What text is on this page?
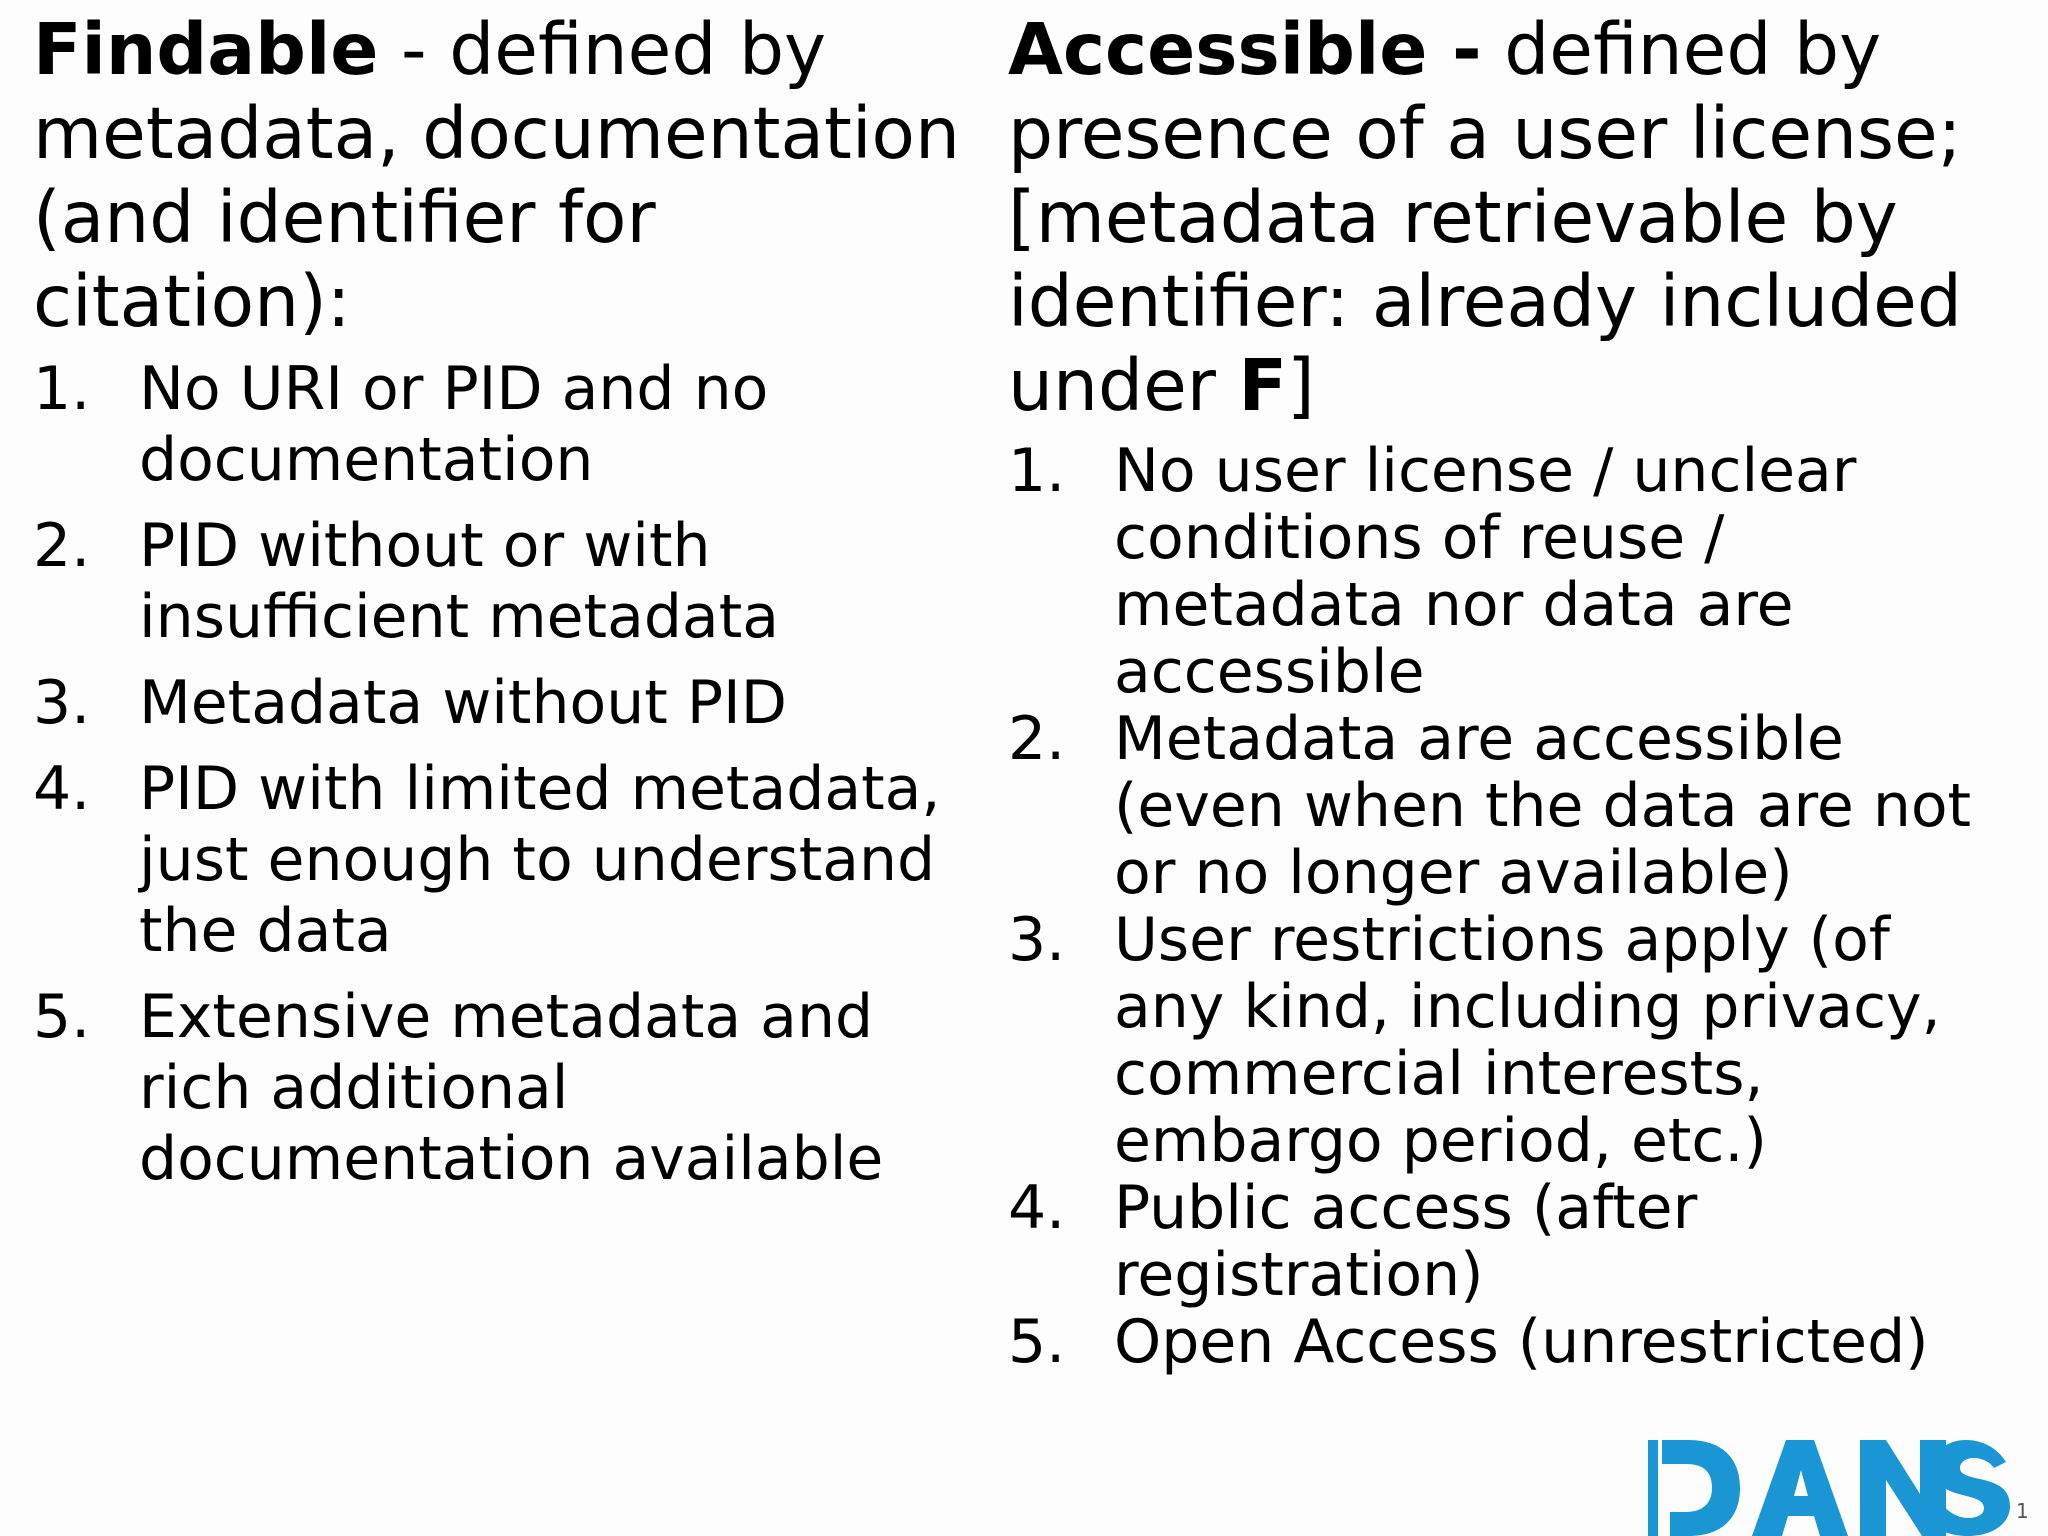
Findable - defined by metadata, documentation (and identifier for citation):

1. No URI or PID and no documentation
2. PID without or with insufficient metadata
3. Metadata without PID
4. PID with limited metadata, just enough to understand the data
5. Extensive metadata and rich additional documentation available

Accessible - defined by presence of a user license; [metadata retrievable by identifier: already included under F]

1. No user license / unclear conditions of reuse / metadata nor data are accessible
2. Metadata are accessible (even when the data are not or no longer available)
3. User restrictions apply (of any kind, including privacy, commercial interests, embargo period, etc.)
4. Public access (after registration)
5. Open Access (unrestricted)
1
